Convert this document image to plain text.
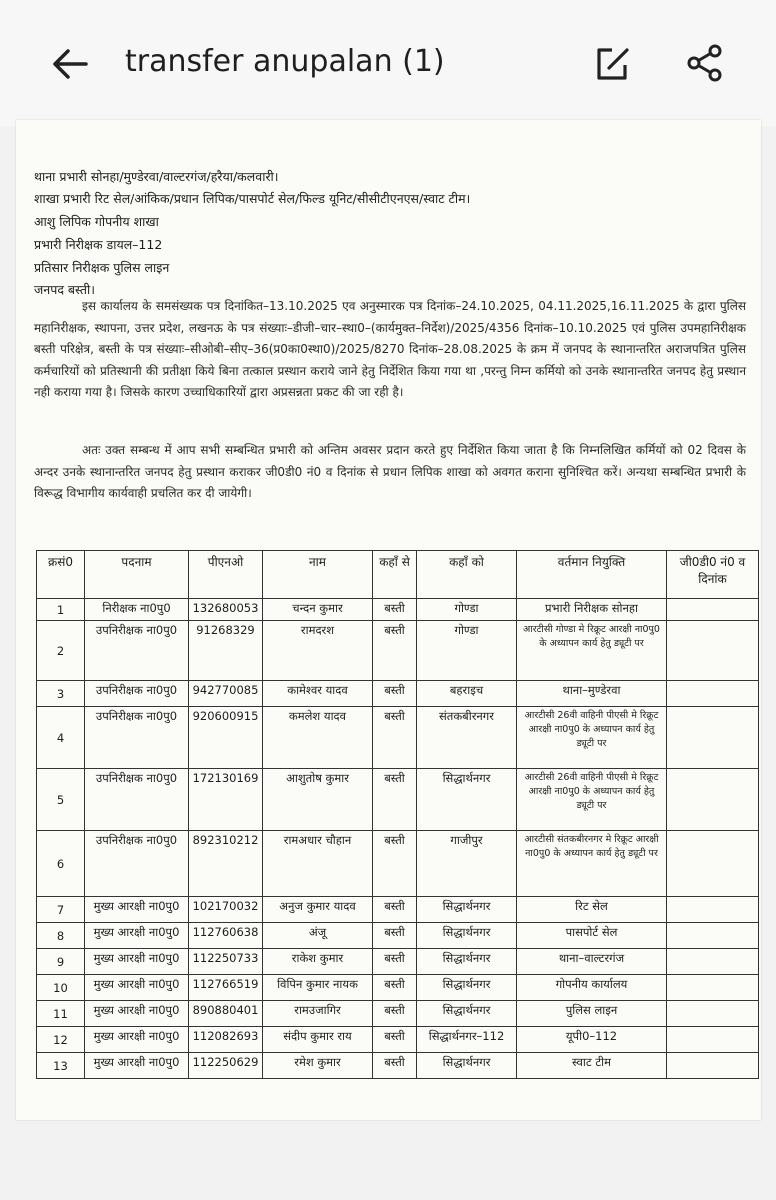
transfer anupalan (1)
थाना प्रभारी सोनहा/मुण्डेरवा/वाल्टरगंज/हरैया/कलवारी।
शाखा प्रभारी रिट सेल/आंकिक/प्रधान लिपिक/पासपोर्ट सेल/फिल्ड यूनिट/सीसीटीएनएस/स्वाट टीम।
आशु लिपिक गोपनीय शाखा
प्रभारी निरीक्षक डायल–112
प्रतिसार निरीक्षक पुलिस लाइन
जनपद बस्ती।
इस कार्यालय के समसंख्यक पत्र दिनांकित–13.10.2025 एव अनुस्मारक पत्र दिनांक–24.10.2025, 04.11.2025,16.11.2025 के द्वारा पुलिस महानिरीक्षक, स्थापना, उत्तर प्रदेश, लखनऊ के पत्र संख्याः–डीजी–चार–स्था0–(कार्यमुक्त–निर्देश)/2025/4356 दिनांक–10.10.2025 एवं पुलिस उपमहानिरीक्षक बस्ती परिक्षेत्र, बस्ती के पत्र संख्याः–सीओबी–सीए–36(प्र0का0स्था0)/2025/8270 दिनांक–28.08.2025 के क्रम में जनपद के स्थानान्तरित अराजपत्रित पुलिस कर्मचारियों को प्रतिस्थानी की प्रतीक्षा किये बिना तत्काल प्रस्थान कराये जाने हेतु निर्देशित किया गया था ,परन्तु निम्न कर्मियो को उनके स्थानान्तरित जनपद हेतु प्रस्थान नही कराया गया है। जिसके कारण उच्चाधिकारियों द्वारा अप्रसन्नता प्रकट की जा रही है।
अतः उक्त सम्बन्ध में आप सभी सम्बन्धित प्रभारी को अन्तिम अवसर प्रदान करते हुए निर्देशित किया जाता है कि निम्नलिखित कर्मियों को 02 दिवस के अन्दर उनके स्थानान्तरित जनपद हेतु प्रस्थान कराकर जी0डी0 नं0 व दिनांक से प्रधान लिपिक शाखा को अवगत कराना सुनिश्चित करें। अन्यथा सम्बन्धित प्रभारी के विरूद्ध विभागीय कार्यवाही प्रचलित कर दी जायेगी।
क्रसं0	पदनाम	पीएनओ	नाम	कहाँ से	कहाँ को	वर्तमान नियुक्ति	जी0डी0 नं0 व दिनांक
1	निरीक्षक ना0पु0	132680053	चन्दन कुमार	बस्ती	गोण्डा	प्रभारी निरीक्षक सोनहा	
2	उपनिरीक्षक ना0पु0	91268329	रामदरश	बस्ती	गोण्डा	आरटीसी गोण्डा मे रिक्रूट आरक्षी ना0पु0 के अध्यापन कार्य हेतु ड्यूटी पर	
3	उपनिरीक्षक ना0पु0	942770085	कामेश्वर यादव	बस्ती	बहराइच	थाना–मुण्डेरवा	
4	उपनिरीक्षक ना0पु0	920600915	कमलेश यादव	बस्ती	संतकबीरनगर	आरटीसी 26वी वाहिनी पीएसी मे रिक्रूट आरक्षी ना0पु0 के अध्यापन कार्य हेतु ड्यूटी पर	
5	उपनिरीक्षक ना0पु0	172130169	आशुतोष कुमार	बस्ती	सिद्धार्थनगर	आरटीसी 26वी वाहिनी पीएसी मे रिक्रूट आरक्षी ना0पु0 के अध्यापन कार्य हेतु ड्यूटी पर	
6	उपनिरीक्षक ना0पु0	892310212	रामअधार चौहान	बस्ती	गाजीपुर	आरटीसी संतकबीरनगर मे रिक्रूट आरक्षी ना0पु0 के अध्यापन कार्य हेतु ड्यूटी पर	
7	मुख्य आरक्षी ना0पु0	102170032	अनुज कुमार यादव	बस्ती	सिद्धार्थनगर	रिट सेल	
8	मुख्य आरक्षी ना0पु0	112760638	अंजू	बस्ती	सिद्धार्थनगर	पासपोर्ट सेल	
9	मुख्य आरक्षी ना0पु0	112250733	राकेश कुमार	बस्ती	सिद्धार्थनगर	थाना–वाल्टरगंज	
10	मुख्य आरक्षी ना0पु0	112766519	विपिन कुमार नायक	बस्ती	सिद्धार्थनगर	गोपनीय कार्यालय	
11	मुख्य आरक्षी ना0पु0	890880401	रामउजागिर	बस्ती	सिद्धार्थनगर	पुलिस लाइन	
12	मुख्य आरक्षी ना0पु0	112082693	संदीप कुमार राय	बस्ती	सिद्धार्थनगर–112	यूपी0–112	
13	मुख्य आरक्षी ना0पु0	112250629	रमेश कुमार	बस्ती	सिद्धार्थनगर	स्वाट टीम	
